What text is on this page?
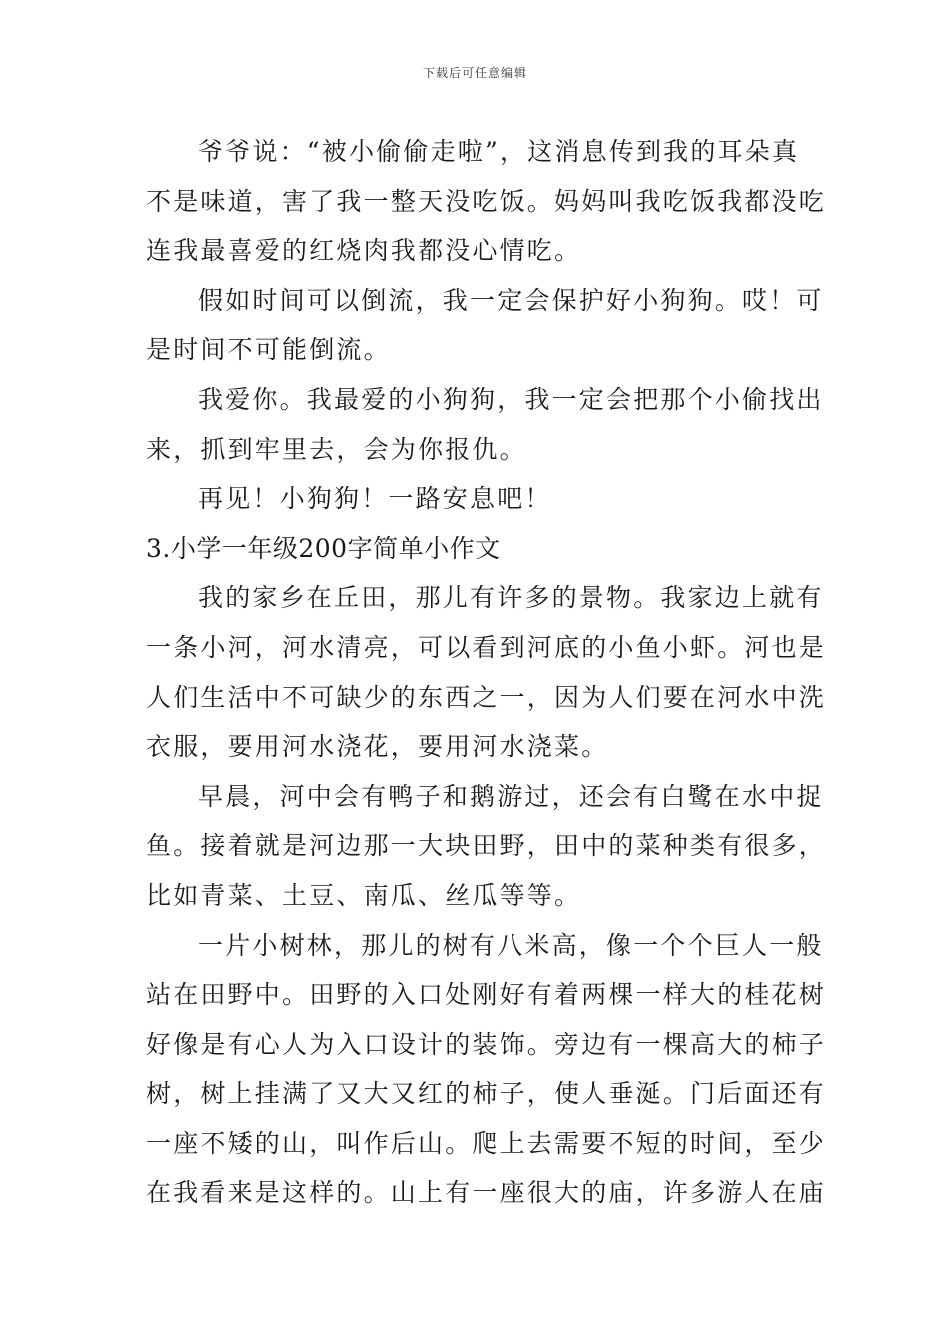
下载后可任意编辑
爷爷说：“被小偷偷走啦”，这消息传到我的耳朵真
不是味道，害了我一整天没吃饭。妈妈叫我吃饭我都没吃
连我最喜爱的红烧肉我都没心情吃。
假如时间可以倒流，我一定会保护好小狗狗。哎！可
是时间不可能倒流。
我爱你。我最爱的小狗狗，我一定会把那个小偷找出
来，抓到牢里去，会为你报仇。
再见！小狗狗！一路安息吧！
3.小学一年级200字简单小作文
我的家乡在丘田，那儿有许多的景物。我家边上就有
一条小河，河水清亮，可以看到河底的小鱼小虾。河也是
人们生活中不可缺少的东西之一，因为人们要在河水中洗
衣服，要用河水浇花，要用河水浇菜。
早晨，河中会有鸭子和鹅游过，还会有白鹭在水中捉
鱼。接着就是河边那一大块田野，田中的菜种类有很多，
比如青菜、土豆、南瓜、丝瓜等等。
一片小树林，那儿的树有八米高，像一个个巨人一般
站在田野中。田野的入口处刚好有着两棵一样大的桂花树
好像是有心人为入口设计的装饰。旁边有一棵高大的柿子
树，树上挂满了又大又红的柿子，使人垂涎。门后面还有
一座不矮的山，叫作后山。爬上去需要不短的时间，至少
在我看来是这样的。山上有一座很大的庙，许多游人在庙
